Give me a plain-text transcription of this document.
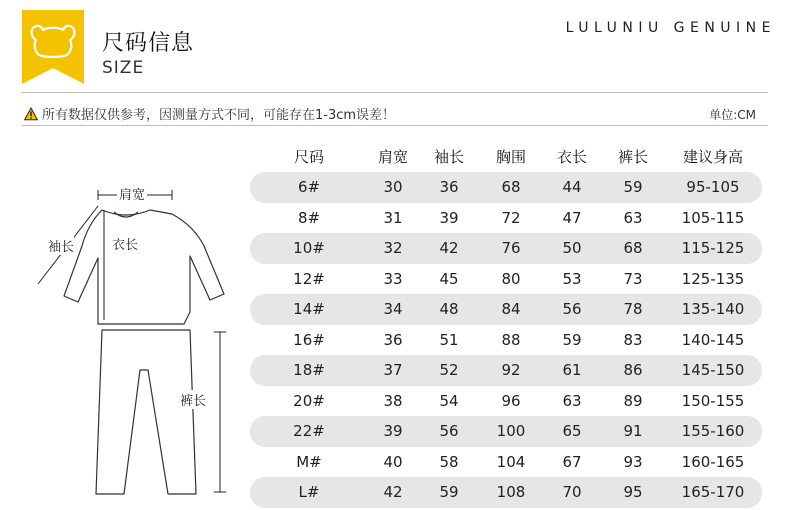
尺码信息
SIZE
LULUNIU GENUINE
所有数据仅供参考，因测量方式不同，可能存在1-3cm误差！	单位:CM
肩宽
袖长	衣长
裤长
尺码	肩宽	袖长	胸围	衣长	裤长	建议身高
6#	30	36	68	44	59	95-105
8#	31	39	72	47	63	105-115
10#	32	42	76	50	68	115-125
12#	33	45	80	53	73	125-135
14#	34	48	84	56	78	135-140
16#	36	51	88	59	83	140-145
18#	37	52	92	61	86	145-150
20#	38	54	96	63	89	150-155
22#	39	56	100	65	91	155-160
M#	40	58	104	67	93	160-165
L#	42	59	108	70	95	165-170
